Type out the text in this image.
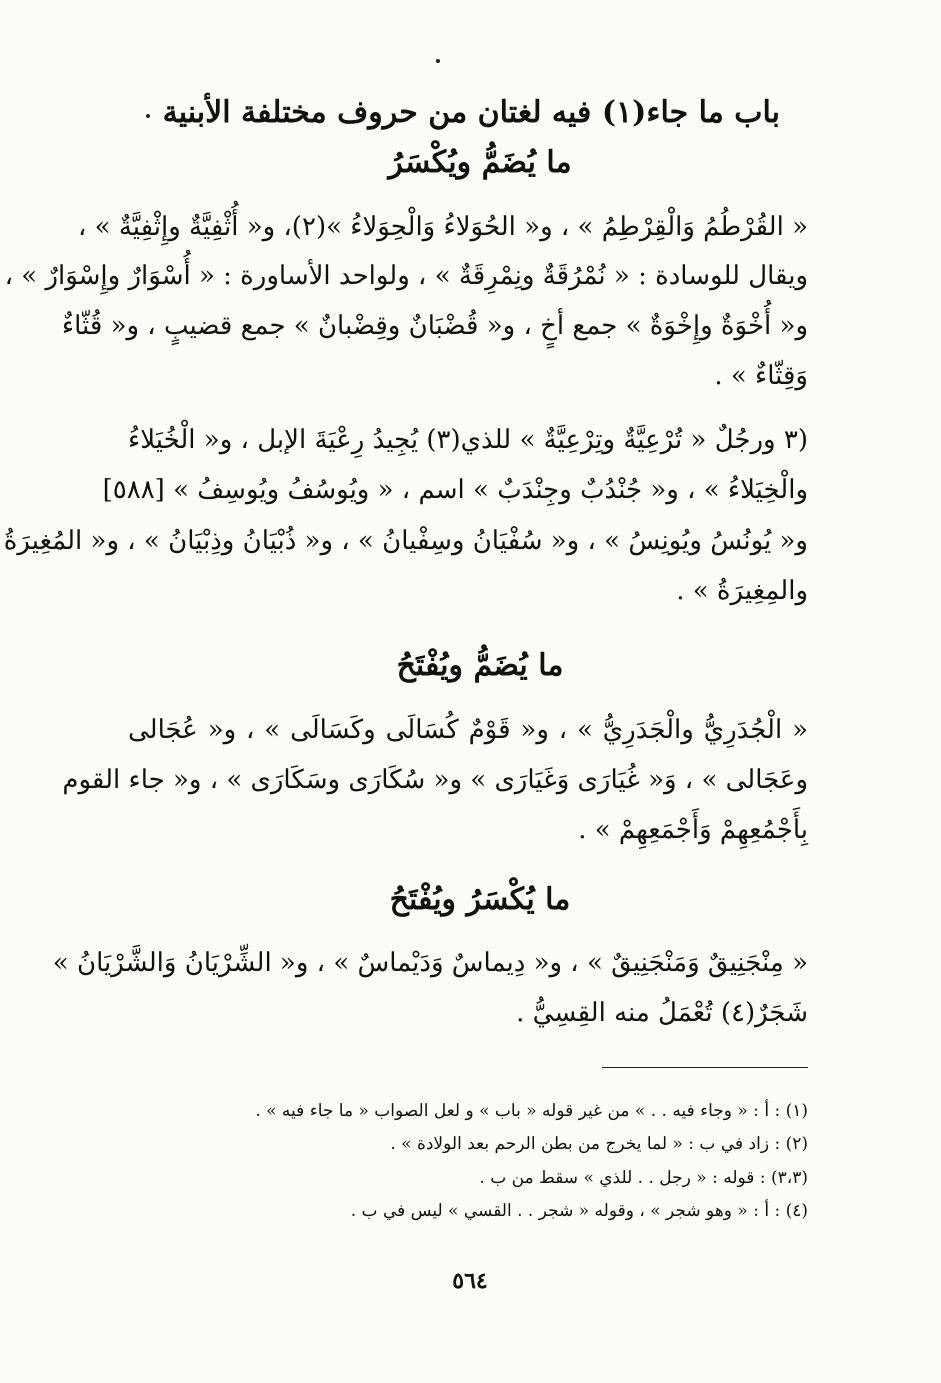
باب ما جاء(١) فيه لغتان من حروف مختلفة الأبنية
ما يُضَمُّ ويُكْسَرُ
« القُرْطُمُ وَالْقِرْطِمُ » ، و« الحُوَلاءُ وَالْحِوَلاءُ »(٢)، و« أُثْفِيَّةٌ وإِثْفِيَّةٌ » ،
ويقال للوسادة : « نُمْرُقَةٌ ونِمْرِقَةٌ » ، ولواحد الأساورة : « أُسْوَارٌ وإِسْوَارٌ » ،
و« أُخْوَةٌ وإِخْوَةٌ » جمع أخٍ ، و« قُضْبَانٌ وقِضْبانٌ » جمع قضيبٍ ، و« قُثّاءٌ
وَقِثّاءٌ » .
(٣ ورجُلٌ « تُرْعِيَّةٌ وتِرْعِيَّةٌ » للذي(٣) يُجِيدُ رِعْيَةَ الإبل ، و« الْخُيَلاءُ
والْخِيَلاءُ » ، و« جُنْدُبٌ وجِنْدَبٌ » اسم ، « ويُوسُفُ ويُوسِفُ » [٥٨٨]
و« يُونُسُ ويُونِسُ » ، و« سُفْيَانُ وسِفْيانُ » ، و« ذُبْيَانُ وذِبْيَانُ » ، و« المُغِيرَةُ
والمِغِيرَةُ » .
ما يُضَمُّ ويُفْتَحُ
« الْجُدَرِيُّ والْجَدَرِيُّ » ، و« قَوْمٌ كُسَالَى وكَسَالَى » ، و« عُجَالى
وعَجَالى » ، وَ« غُيَارَى وَغَيَارَى » و« سُكَارَى وسَكَارَى » ، و« جاء القوم
بِأَجْمُعِهِمْ وَأَجْمَعِهِمْ » .
ما يُكْسَرُ ويُفْتَحُ
« مِنْجَنِيقٌ وَمَنْجَنِيقٌ » ، و« دِيماسٌ وَدَيْماسٌ » ، و« الشِّرْيَانُ وَالشَّرْيَانُ »
شَجَرٌ(٤) تُعْمَلُ منه القِسِيُّ .
(١) : أ : « وجاء فيه . . » من غير قوله « باب » و لعل الصواب « ما جاء فيه » .
(٢) : زاد في ب : « لما يخرج من بطن الرحم بعد الولادة » .
(٣،٣) : قوله : « رجل . . للذي » سقط من ب .
(٤) : أ : « وهو شجر » ، وقوله « شجر . . القسي » ليس في ب .
٥٦٤
